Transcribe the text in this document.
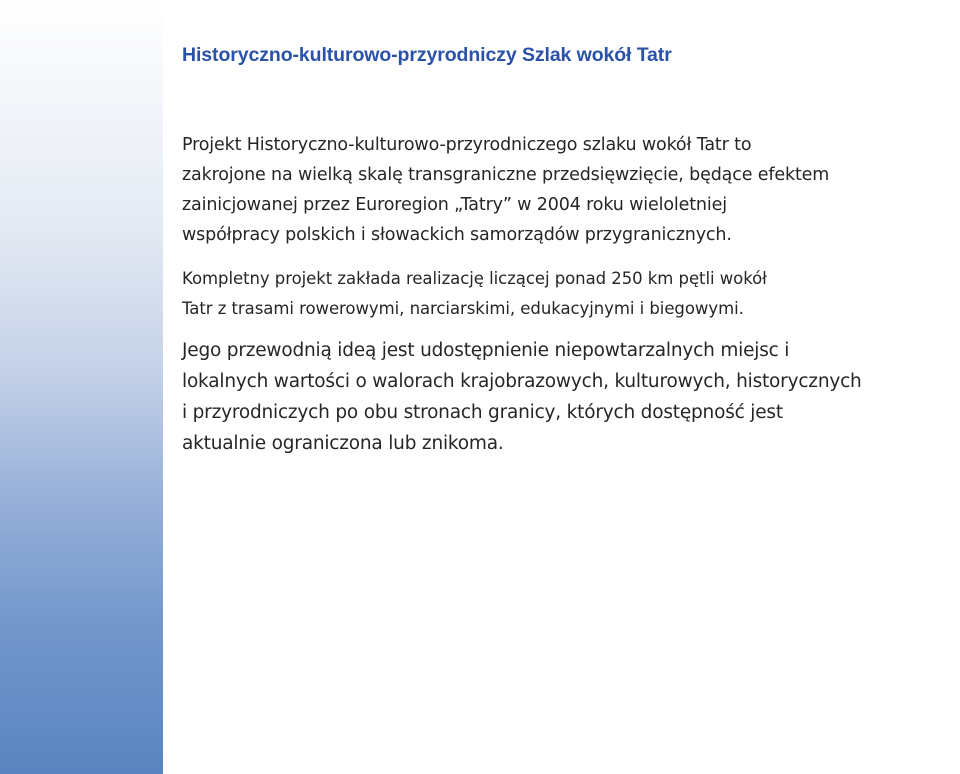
Historyczno-kulturowo-przyrodniczy Szlak wokół Tatr

Projekt Historyczno-kulturowo-przyrodniczego szlaku wokół Tatr to
zakrojone na wielką skalę transgraniczne przedsięwzięcie, będące efektem
zainicjowanej przez Euroregion „Tatry” w 2004 roku wieloletniej
współpracy polskich i słowackich samorządów przygranicznych.

Kompletny projekt zakłada realizację liczącej ponad 250 km pętli wokół
Tatr z trasami rowerowymi, narciarskimi, edukacyjnymi i biegowymi.

Jego przewodnią ideą jest udostępnienie niepowtarzalnych miejsc i
lokalnych wartości o walorach krajobrazowych, kulturowych, historycznych
i przyrodniczych po obu stronach granicy, których dostępność jest
aktualnie ograniczona lub znikoma.
